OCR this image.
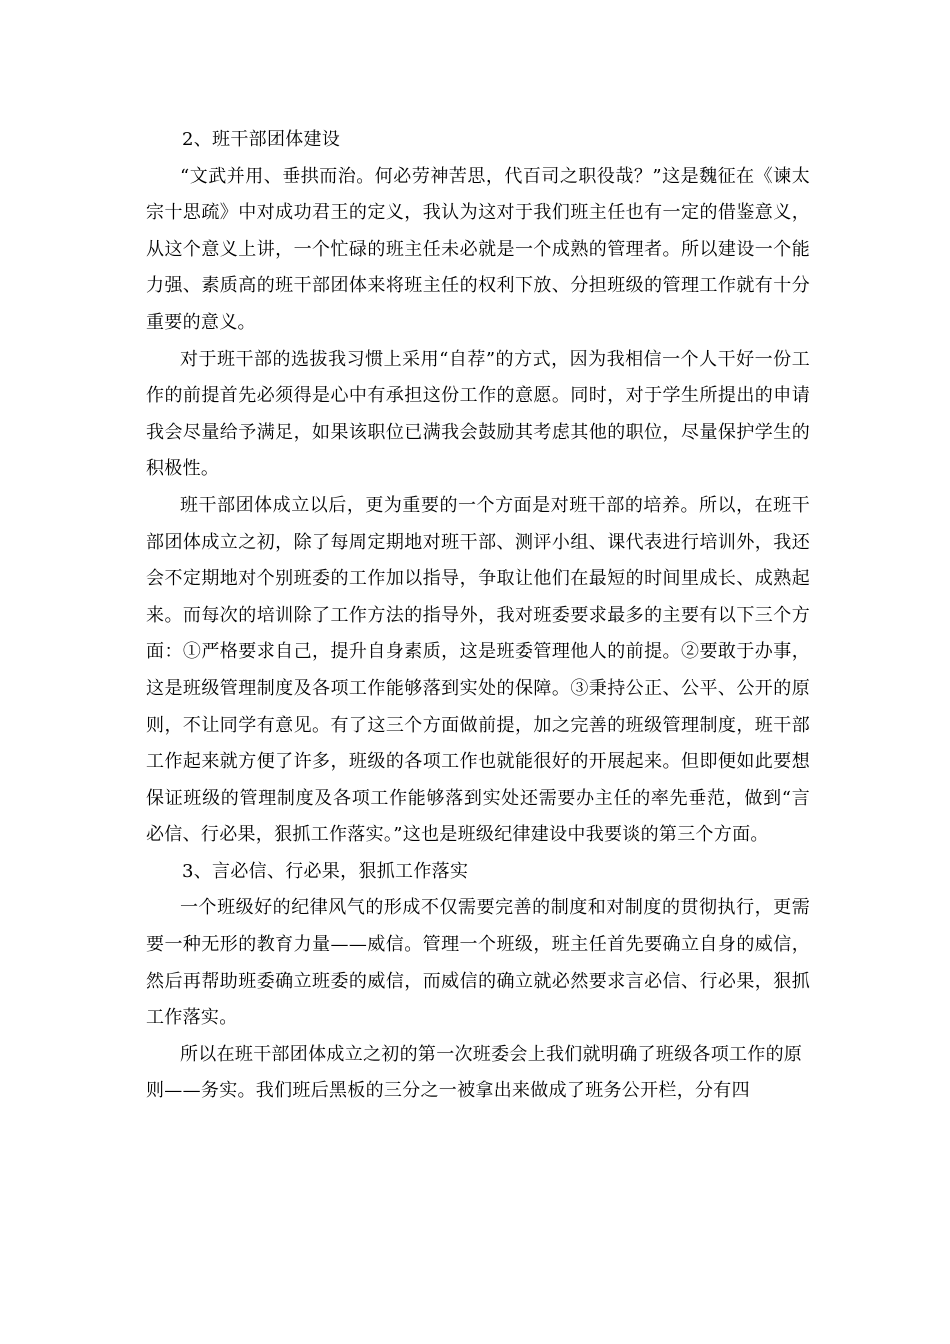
2、班干部团体建设

“文武并用、垂拱而治。何必劳神苦思，代百司之职役哉？”这是魏征在《谏太宗十思疏》中对成功君王的定义，我认为这对于我们班主任也有一定的借鉴意义，从这个意义上讲，一个忙碌的班主任未必就是一个成熟的管理者。所以建设一个能力强、素质高的班干部团体来将班主任的权利下放、分担班级的管理工作就有十分重要的意义。

对于班干部的选拔我习惯上采用“自荐”的方式，因为我相信一个人干好一份工作的前提首先必须得是心中有承担这份工作的意愿。同时，对于学生所提出的申请我会尽量给予满足，如果该职位已满我会鼓励其考虑其他的职位，尽量保护学生的积极性。

班干部团体成立以后，更为重要的一个方面是对班干部的培养。所以，在班干部团体成立之初，除了每周定期地对班干部、测评小组、课代表进行培训外，我还会不定期地对个别班委的工作加以指导，争取让他们在最短的时间里成长、成熟起来。而每次的培训除了工作方法的指导外，我对班委要求最多的主要有以下三个方面：①严格要求自己，提升自身素质，这是班委管理他人的前提。②要敢于办事，这是班级管理制度及各项工作能够落到实处的保障。③秉持公正、公平、公开的原则，不让同学有意见。有了这三个方面做前提，加之完善的班级管理制度，班干部工作起来就方便了许多，班级的各项工作也就能很好的开展起来。但即便如此要想保证班级的管理制度及各项工作能够落到实处还需要办主任的率先垂范，做到“言必信、行必果，狠抓工作落实。”这也是班级纪律建设中我要谈的第三个方面。

3、言必信、行必果，狠抓工作落实

一个班级好的纪律风气的形成不仅需要完善的制度和对制度的贯彻执行，更需要一种无形的教育力量——威信。管理一个班级，班主任首先要确立自身的威信，然后再帮助班委确立班委的威信，而威信的确立就必然要求言必信、行必果，狠抓工作落实。

所以在班干部团体成立之初的第一次班委会上我们就明确了班级各项工作的原则——务实。我们班后黑板的三分之一被拿出来做成了班务公开栏，分有四
